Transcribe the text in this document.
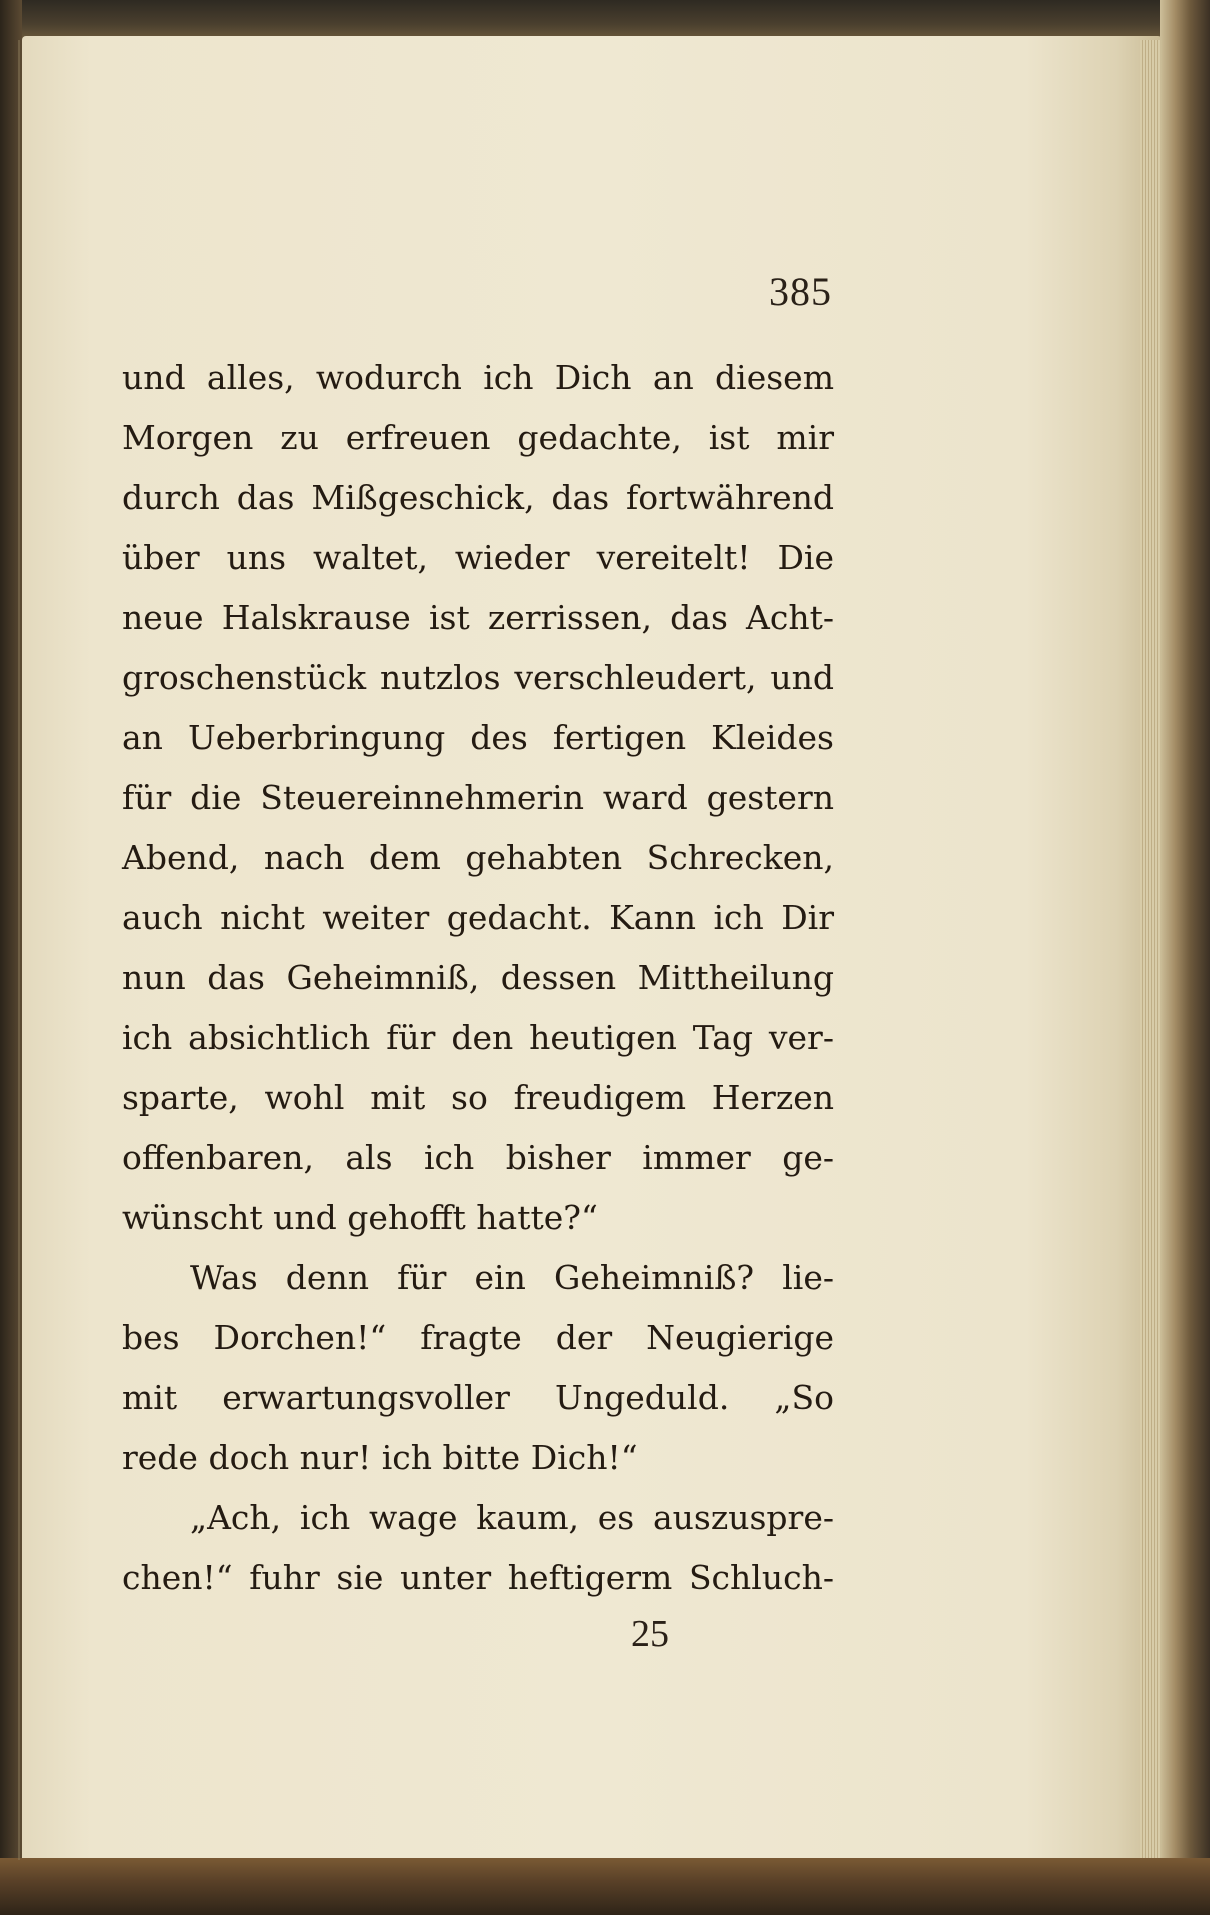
385
und alles, wodurch ich Dich an diesem
Morgen zu erfreuen gedachte, ist mir
durch das Mißgeschick, das fortwährend
über uns waltet, wieder vereitelt! Die
neue Halskrause ist zerrissen, das Acht-
groschenstück nutzlos verschleudert, und
an Ueberbringung des fertigen Kleides
für die Steuereinnehmerin ward gestern
Abend, nach dem gehabten Schrecken,
auch nicht weiter gedacht. Kann ich Dir
nun das Geheimniß, dessen Mittheilung
ich absichtlich für den heutigen Tag ver-
sparte, wohl mit so freudigem Herzen
offenbaren, als ich bisher immer ge-
wünscht und gehofft hatte?“
Was denn für ein Geheimniß? lie-
bes Dorchen!“ fragte der Neugierige
mit erwartungsvoller Ungeduld. „So
rede doch nur! ich bitte Dich!“
„Ach, ich wage kaum, es auszuspre-
chen!“ fuhr sie unter heftigerm Schluch-
25
